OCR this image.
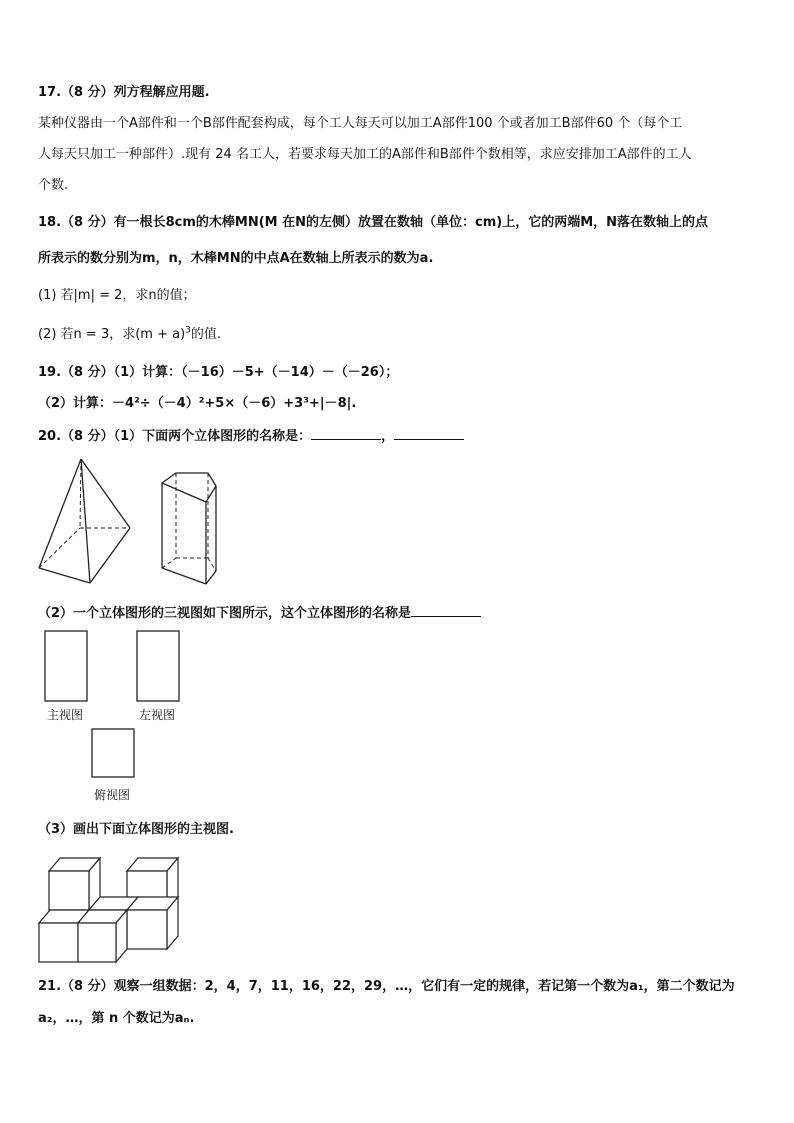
17.（8 分）列方程解应用题.
某种仪器由一个A部件和一个B部件配套构成，每个工人每天可以加工A部件100 个或者加工B部件60 个（每个工
人每天只加工一种部件）.现有 24 名工人，若要求每天加工的A部件和B部件个数相等，求应安排加工A部件的工人
个数.
18.（8 分）有一根长8cm的木棒MN(M 在N的左侧）放置在数轴（单位：cm)上，它的两端M，N落在数轴上的点
所表示的数分别为m，n，木棒MN的中点A在数轴上所表示的数为a.
(1) 若|m| = 2，求n的值；
(2) 若n = 3，求$(m + a)^3$的值.
19.（8 分）（1）计算：（－16）－5+（－14）－（－26）；
（2）计算：－4²÷（－4）²+5×（－6）+3³+|－8|.
20.（8 分）（1）下面两个立体图形的名称是：	，
（2）一个立体图形的三视图如下图所示，这个立体图形的名称是
主视图	左视图
俯视图
（3）画出下面立体图形的主视图.
21.（8 分）观察一组数据：2，4，7，11，16，22，29，…，它们有一定的规律，若记第一个数为a₁，第二个数记为
a₂，…，第 n 个数记为aₙ.
